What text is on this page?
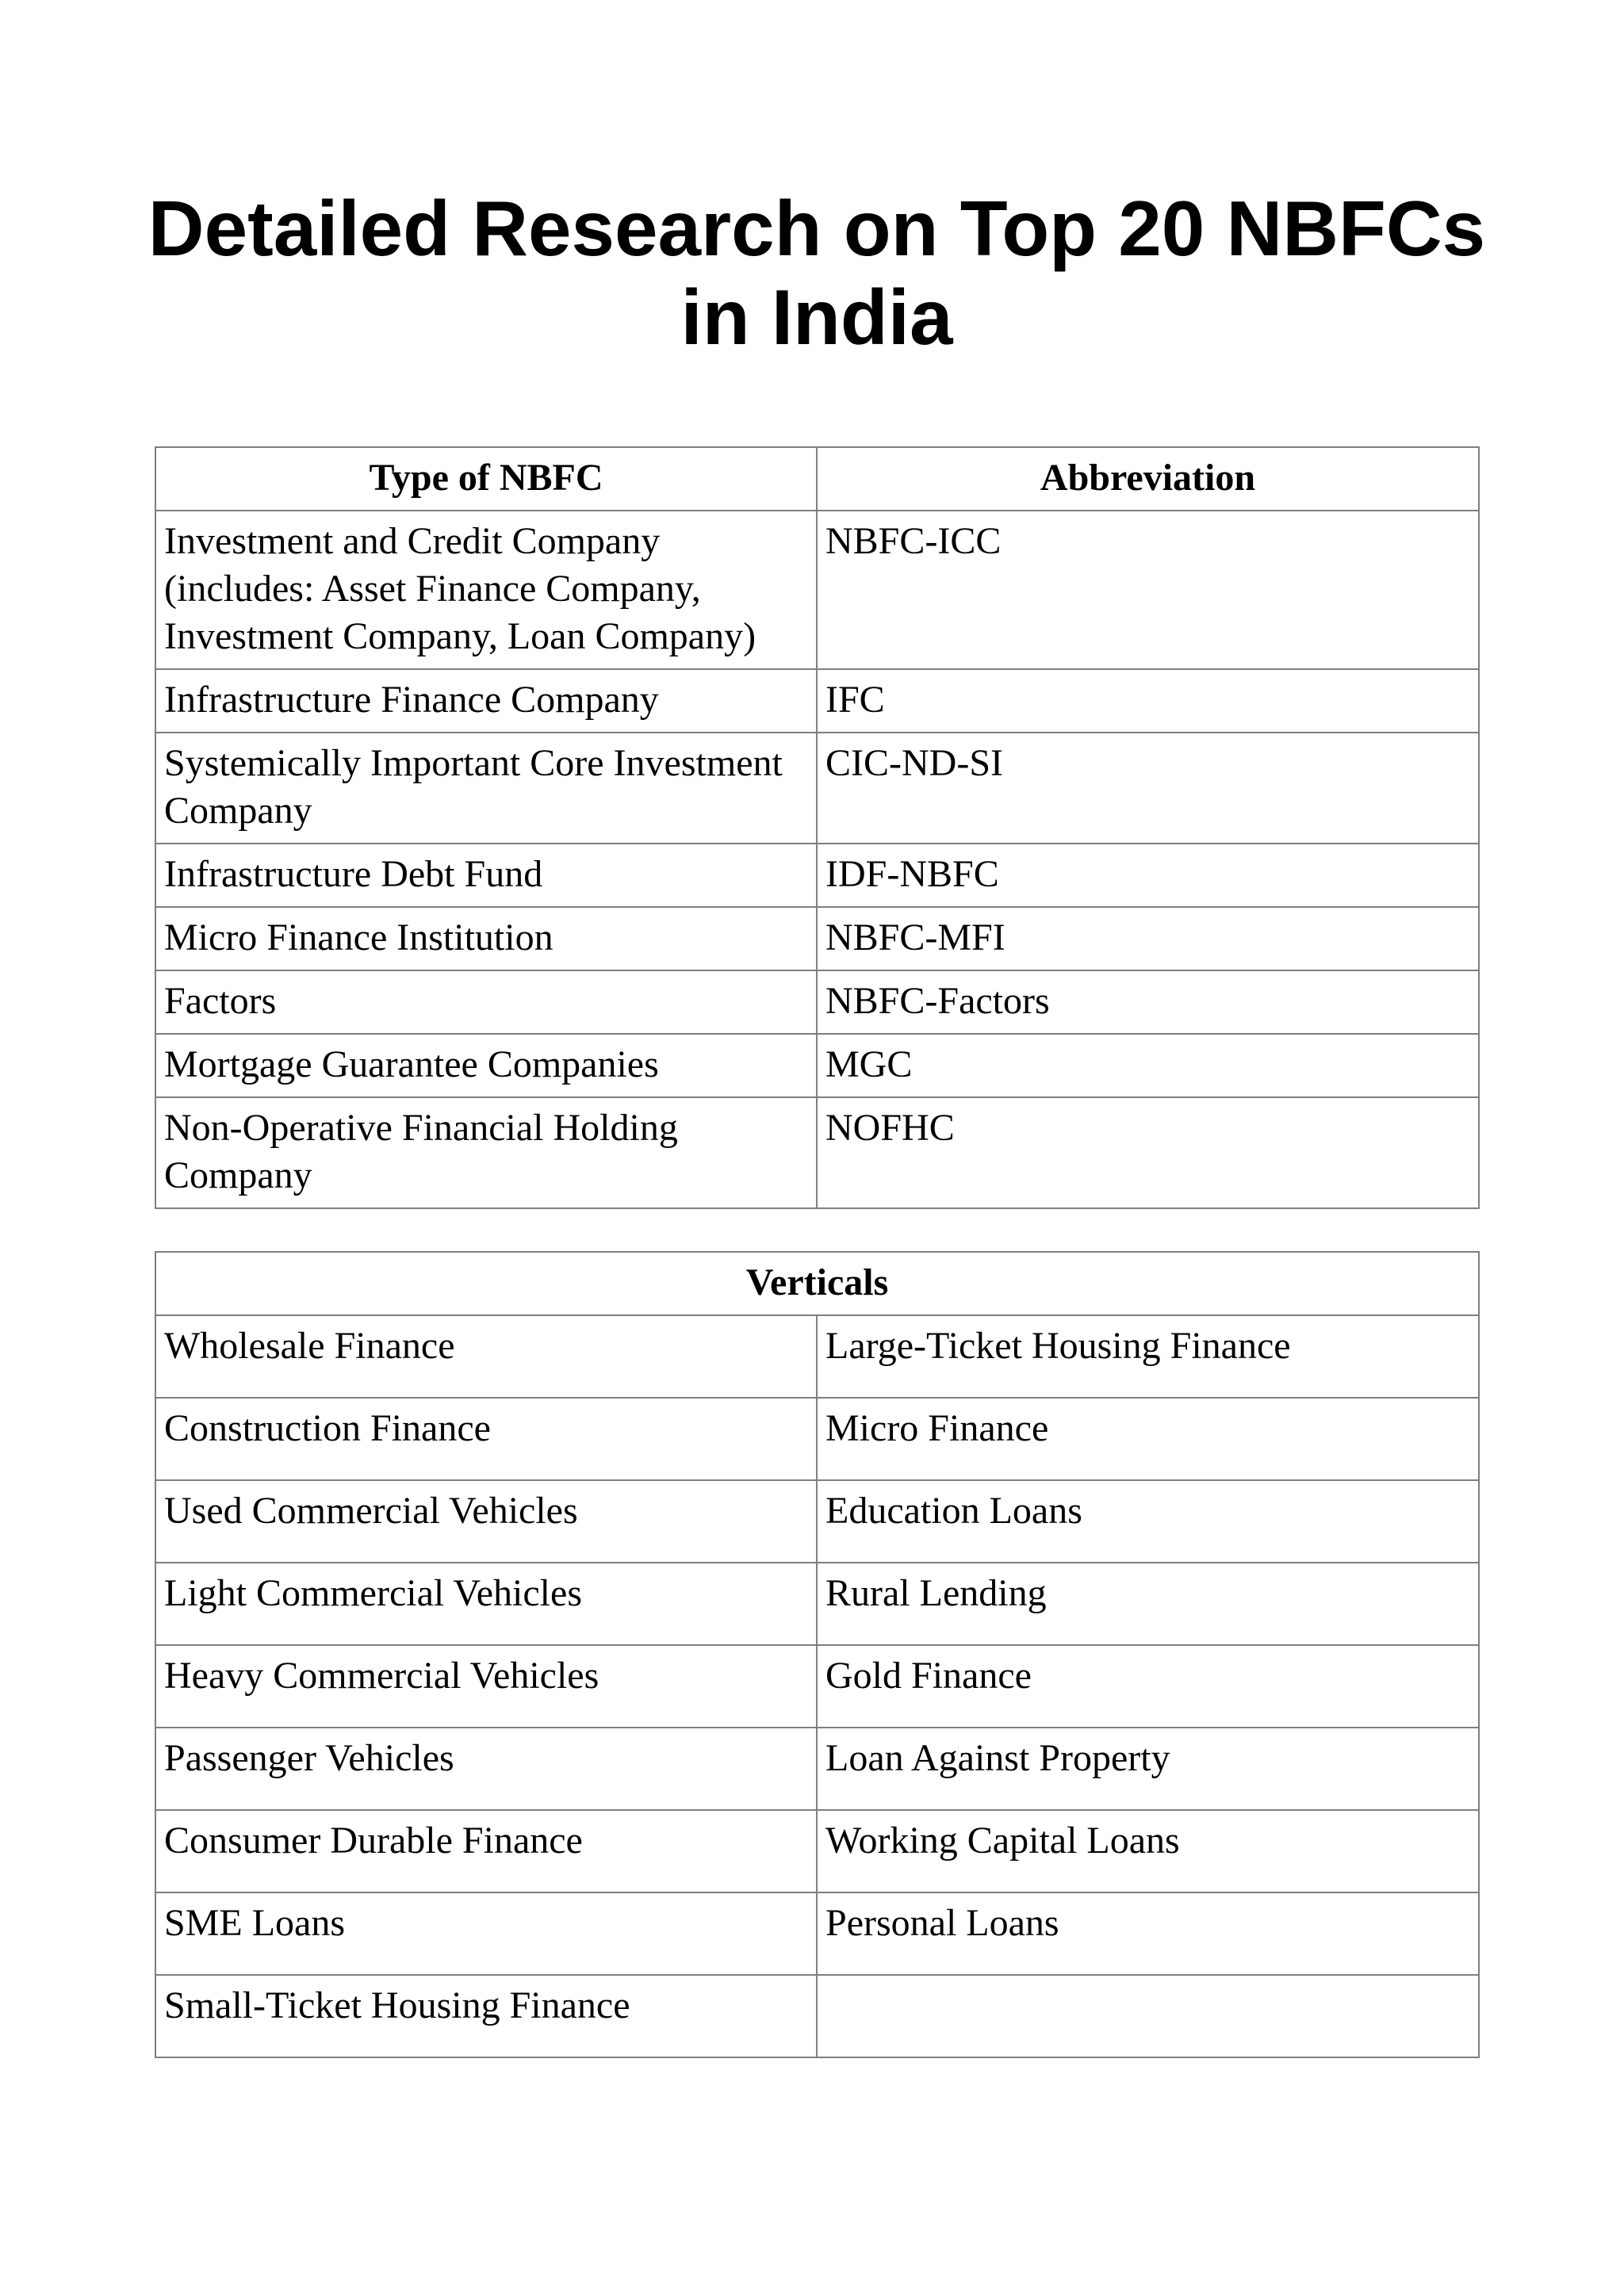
Detailed Research on Top 20 NBFCs in India
Type of NBFC	Abbreviation
Investment and Credit Company (includes: Asset Finance Company, Investment Company, Loan Company)	NBFC-ICC
Infrastructure Finance Company	IFC
Systemically Important Core Investment Company	CIC-ND-SI
Infrastructure Debt Fund	IDF-NBFC
Micro Finance Institution	NBFC-MFI
Factors	NBFC-Factors
Mortgage Guarantee Companies	MGC
Non-Operative Financial Holding Company	NOFHC
Verticals	
Wholesale Finance	Large-Ticket Housing Finance
Construction Finance	Micro Finance
Used Commercial Vehicles	Education Loans
Light Commercial Vehicles	Rural Lending
Heavy Commercial Vehicles	Gold Finance
Passenger Vehicles	Loan Against Property
Consumer Durable Finance	Working Capital Loans
SME Loans	Personal Loans
Small-Ticket Housing Finance	
